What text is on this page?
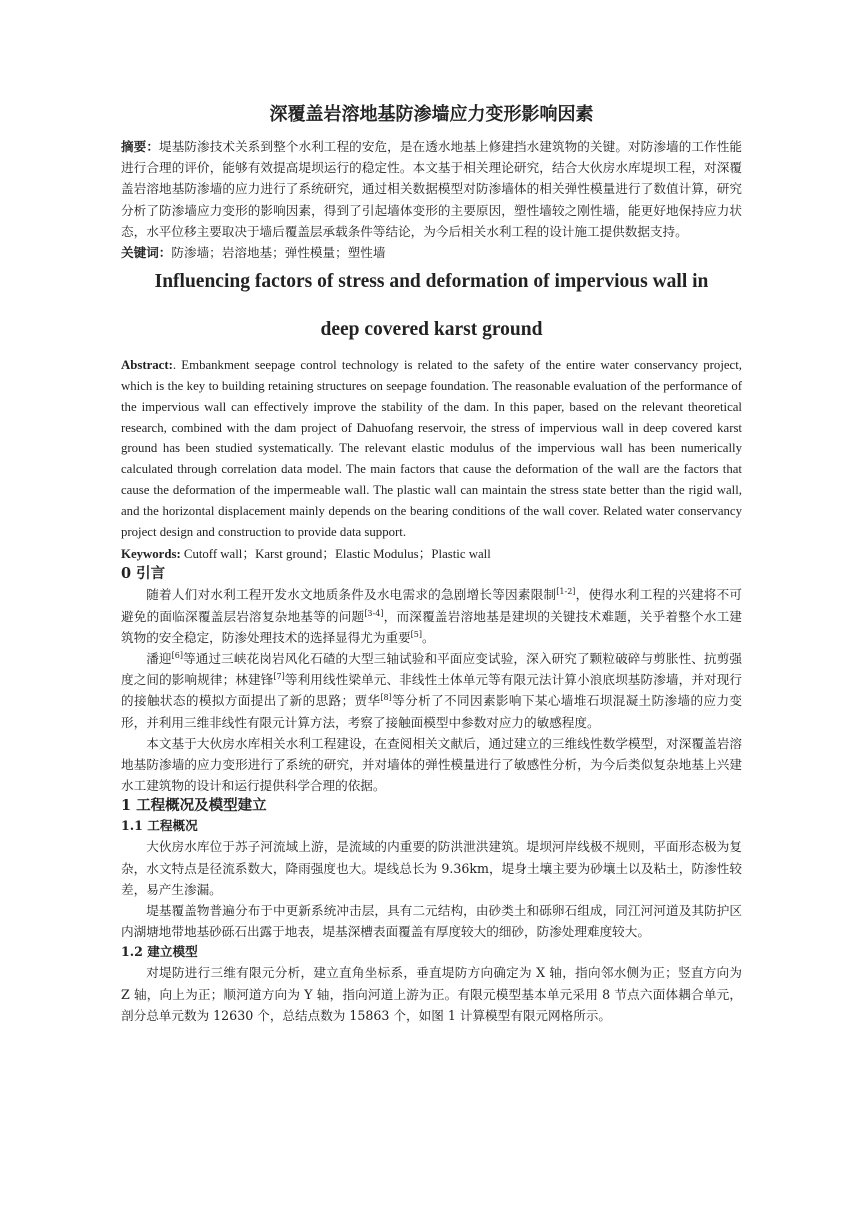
深覆盖岩溶地基防渗墙应力变形影响因素

摘要：堤基防渗技术关系到整个水利工程的安危，是在透水地基上修建挡水建筑物的关键。对防渗墙的工作性能进行合理的评价，能够有效提高堤坝运行的稳定性。本文基于相关理论研究，结合大伙房水库堤坝工程，对深覆盖岩溶地基防渗墙的应力进行了系统研究，通过相关数据模型对防渗墙体的相关弹性模量进行了数值计算，研究分析了防渗墙应力变形的影响因素，得到了引起墙体变形的主要原因，塑性墙较之刚性墙，能更好地保持应力状态，水平位移主要取决于墙后覆盖层承载条件等结论，为今后相关水利工程的设计施工提供数据支持。

关键词：防渗墙；岩溶地基；弹性模量；塑性墙

Influencing factors of stress and deformation of impervious wall in
deep covered karst ground

Abstract:. Embankment seepage control technology is related to the safety of the entire water conservancy project, which is the key to building retaining structures on seepage foundation. The reasonable evaluation of the performance of the impervious wall can effectively improve the stability of the dam. In this paper, based on the relevant theoretical research, combined with the dam project of Dahuofang reservoir, the stress of impervious wall in deep covered karst ground has been studied systematically. The relevant elastic modulus of the impervious wall has been numerically calculated through correlation data model. The main factors that cause the deformation of the wall are the factors that cause the deformation of the impermeable wall. The plastic wall can maintain the stress state better than the rigid wall, and the horizontal displacement mainly depends on the bearing conditions of the wall cover. Related water conservancy project design and construction to provide data support.

Keywords: Cutoff wall；Karst ground；Elastic Modulus；Plastic wall

0 引言

随着人们对水利工程开发水文地质条件及水电需求的急剧增长等因素限制[1-2]，使得水利工程的兴建将不可避免的面临深覆盖层岩溶复杂地基等的问题[3-4]，而深覆盖岩溶地基是建坝的关键技术难题，关乎着整个水工建筑物的安全稳定，防渗处理技术的选择显得尤为重要[5]。

潘迎[6]等通过三峡花岗岩风化石碴的大型三轴试验和平面应变试验，深入研究了颗粒破碎与剪胀性、抗剪强度之间的影响规律；林建锋[7]等利用线性梁单元、非线性土体单元等有限元法计算小浪底坝基防渗墙，并对现行的接触状态的模拟方面提出了新的思路；贾华[8]等分析了不同因素影响下某心墙堆石坝混凝土防渗墙的应力变形，并利用三维非线性有限元计算方法，考察了接触面模型中参数对应力的敏感程度。

本文基于大伙房水库相关水利工程建设，在查阅相关文献后，通过建立的三维线性数学模型，对深覆盖岩溶地基防渗墙的应力变形进行了系统的研究，并对墙体的弹性模量进行了敏感性分析，为今后类似复杂地基上兴建水工建筑物的设计和运行提供科学合理的依据。

1 工程概况及模型建立
1.1 工程概况

大伙房水库位于苏子河流域上游，是流域的内重要的防洪泄洪建筑。堤坝河岸线极不规则，平面形态极为复杂，水文特点是径流系数大，降雨强度也大。堤线总长为 9.36km，堤身土壤主要为砂壤土以及粘土，防渗性较差，易产生渗漏。

堤基覆盖物普遍分布于中更新系统冲击层，具有二元结构，由砂类土和砾卵石组成，同江河河道及其防护区内湖塘地带地基砂砾石出露于地表，堤基深槽表面覆盖有厚度较大的细砂，防渗处理难度较大。

1.2 建立模型

对堤防进行三维有限元分析，建立直角坐标系，垂直堤防方向确定为 X 轴，指向邻水侧为正；竖直方向为 Z 轴，向上为正；顺河道方向为 Y 轴，指向河道上游为正。有限元模型基本单元采用 8 节点六面体耦合单元，剖分总单元数为 12630 个，总结点数为 15863 个，如图 1 计算模型有限元网格所示。
